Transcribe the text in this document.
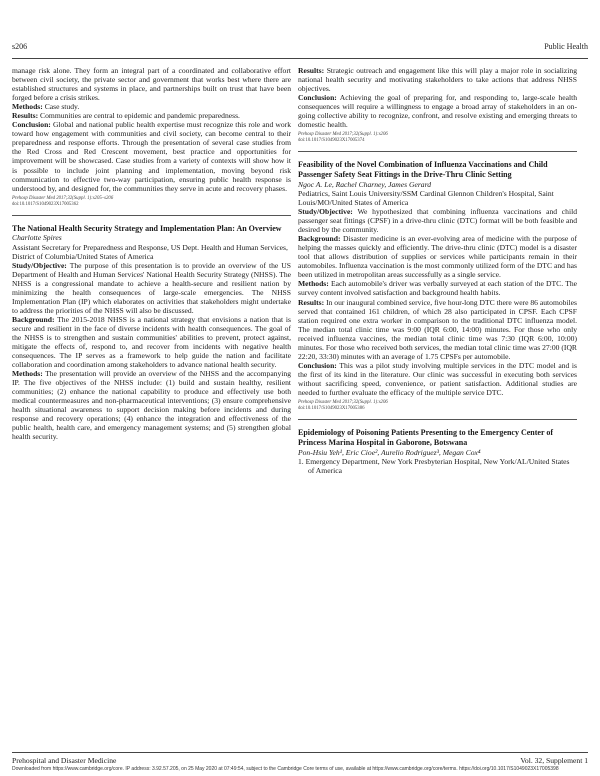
s206	Public Health

manage risk alone. They form an integral part of a coordinated and collaborative effort between civil society, the private sector and government that works best where there are established structures and systems in place, and partnerships built on trust that have been forged before a crisis strikes.

Methods: Case study.

Results: Communities are central to epidemic and pandemic preparedness.

Conclusion: Global and national public health expertise must recognize this role and work toward how engagement with communities and civil society, can become central to their preparedness and response efforts. Through the presentation of several case studies from the Red Cross and Red Crescent movement, best practice and opportunities for improvement will be showcased. Case studies from a variety of contexts will show how it is possible to include joint planning and implementation, moving beyond risk communication to effective two-way participation, ensuring public health response is understood by, and designed for, the communities they serve in acute and recovery phases.

Prehosp Disaster Med 2017;32(Suppl. 1):s205–s206
doi:10.1017/S1049023X17005362

The National Health Security Strategy and Implementation Plan: An Overview

Charlotte Spires

Assistant Secretary for Preparedness and Response, US Dept. Health and Human Services, District of Columbia/United States of America

Study/Objective: The purpose of this presentation is to provide an overview of the US Department of Health and Human Services' National Health Security Strategy (NHSS). The NHSS is a congressional mandate to achieve a health-secure and resilient nation by minimizing the health consequences of large-scale emergencies. The NHSS Implementation Plan (IP) which elaborates on activities that stakeholders might undertake to address the priorities of the NHSS will also be discussed.

Background: The 2015-2018 NHSS is a national strategy that envisions a nation that is secure and resilient in the face of diverse incidents with health consequences. The goal of the NHSS is to strengthen and sustain communities' abilities to prevent, protect against, mitigate the effects of, respond to, and recover from incidents with negative health consequences. The IP serves as a framework to help guide the nation and facilitate collaboration and coordination among stakeholders to advance national health security.

Methods: The presentation will provide an overview of the NHSS and the accompanying IP. The five objectives of the NHSS include: (1) build and sustain healthy, resilient communities; (2) enhance the national capability to produce and effectively use both medical countermeasures and non-pharmaceutical interventions; (3) ensure comprehensive health situational awareness to support decision making before incidents and during response and recovery operations; (4) enhance the integration and effectiveness of the public health, health care, and emergency management systems; and (5) strengthen global health security.

Results: Strategic outreach and engagement like this will play a major role in socializing national health security and motivating stakeholders to take actions that address NHSS objectives.

Conclusion: Achieving the goal of preparing for, and responding to, large-scale health consequences will require a willingness to engage a broad array of stakeholders in an on-going collective ability to recognize, confront, and resolve existing and emerging threats to domestic health.

Prehosp Disaster Med 2017;32(Suppl. 1):s206
doi:10.1017/S1049023X17005374

Feasibility of the Novel Combination of Influenza Vaccinations and Child Passenger Safety Seat Fittings in the Drive-Thru Clinic Setting

Ngoc A. Le, Rachel Charney, James Gerard

Pediatrics, Saint Louis University/SSM Cardinal Glennon Children's Hospital, Saint Louis/MO/United States of America

Study/Objective: We hypothesized that combining influenza vaccinations and child passenger seat fittings (CPSF) in a drive-thru clinic (DTC) format will be both feasible and desired by the community.

Background: Disaster medicine is an ever-evolving area of medicine with the purpose of helping the masses quickly and efficiently. The drive-thru clinic (DTC) model is a disaster tool that allows distribution of supplies or services while participants remain in their automobiles. Influenza vaccination is the most commonly utilized form of the DTC and has been utilized in metropolitan areas successfully as a single service.

Methods: Each automobile's driver was verbally surveyed at each station of the DTC. The survey content involved satisfaction and background health habits.

Results: In our inaugural combined service, five hour-long DTC there were 86 automobiles served that contained 161 children, of which 28 also participated in CPSF. Each CPSF station required one extra worker in comparison to the traditional DTC influenza model. The median total clinic time was 9:00 (IQR 6:00, 14:00) minutes. For those who only received influenza vaccines, the median total clinic time was 7:30 (IQR 6:00, 10:00) minutes. For those who received both services, the median total clinic time was 27:00 (IQR 22:20, 33:30) minutes with an average of 1.75 CPSFs per automobile.

Conclusion: This was a pilot study involving multiple services in the DTC model and is the first of its kind in the literature. Our clinic was successful in executing both services without sacrificing speed, convenience, or patient satisfaction. Additional studies are needed to further evaluate the efficacy of the multiple service DTC.

Prehosp Disaster Med 2017;32(Suppl. 1):s206
doi:10.1017/S1049023X17005386

Epidemiology of Poisoning Patients Presenting to the Emergency Center of Princess Marina Hospital in Gaborone, Botswana

Pon-Hsiu Yeh¹, Eric Cioe², Aurelio Rodriguez³, Megan Cox⁴

1. Emergency Department, New York Presbyterian Hospital, New York/AL/United States of America

Prehospital and Disaster Medicine	Vol. 32, Supplement 1
Downloaded from https://www.cambridge.org/core. IP address: 3.92.57.205, on 25 May 2020 at 07:49:54, subject to the Cambridge Core terms of use, available at https://www.cambridge.org/core/terms. https://doi.org/10.1017/S1049023X17005398
